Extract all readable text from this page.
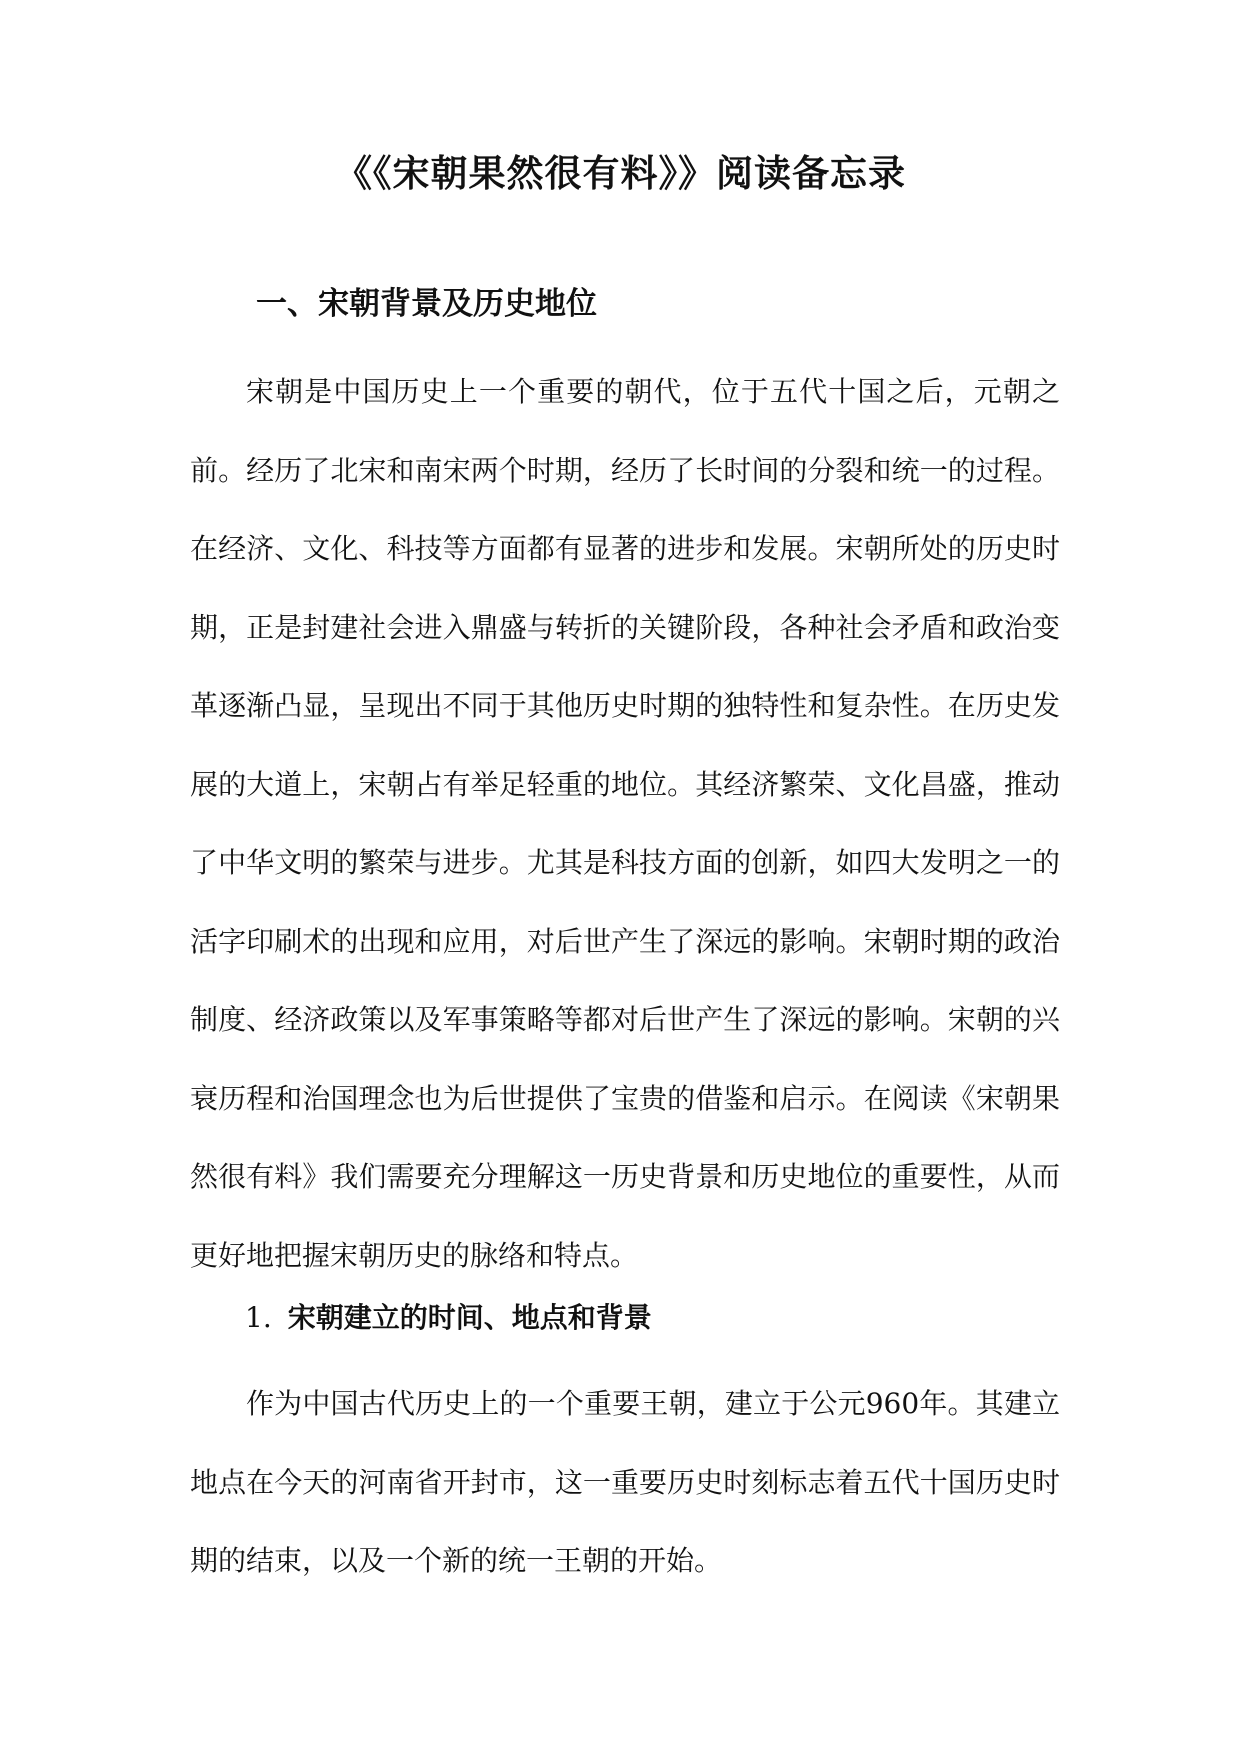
《《宋朝果然很有料》》阅读备忘录
一、宋朝背景及历史地位

宋朝是中国历史上一个重要的朝代，位于五代十国之后，元朝之前。经历了北宋和南宋两个时期，经历了长时间的分裂和统一的过程。在经济、文化、科技等方面都有显著的进步和发展。宋朝所处的历史时期，正是封建社会进入鼎盛与转折的关键阶段，各种社会矛盾和政治变革逐渐凸显，呈现出不同于其他历史时期的独特性和复杂性。在历史发展的大道上，宋朝占有举足轻重的地位。其经济繁荣、文化昌盛，推动了中华文明的繁荣与进步。尤其是科技方面的创新，如四大发明之一的活字印刷术的出现和应用，对后世产生了深远的影响。宋朝时期的政治制度、经济政策以及军事策略等都对后世产生了深远的影响。宋朝的兴衰历程和治国理念也为后世提供了宝贵的借鉴和启示。在阅读《宋朝果然很有料》我们需要充分理解这一历史背景和历史地位的重要性，从而更好地把握宋朝历史的脉络和特点。

1. 宋朝建立的时间、地点和背景

作为中国古代历史上的一个重要王朝，建立于公元960年。其建立地点在今天的河南省开封市，这一重要历史时刻标志着五代十国历史时期的结束，以及一个新的统一王朝的开始。
